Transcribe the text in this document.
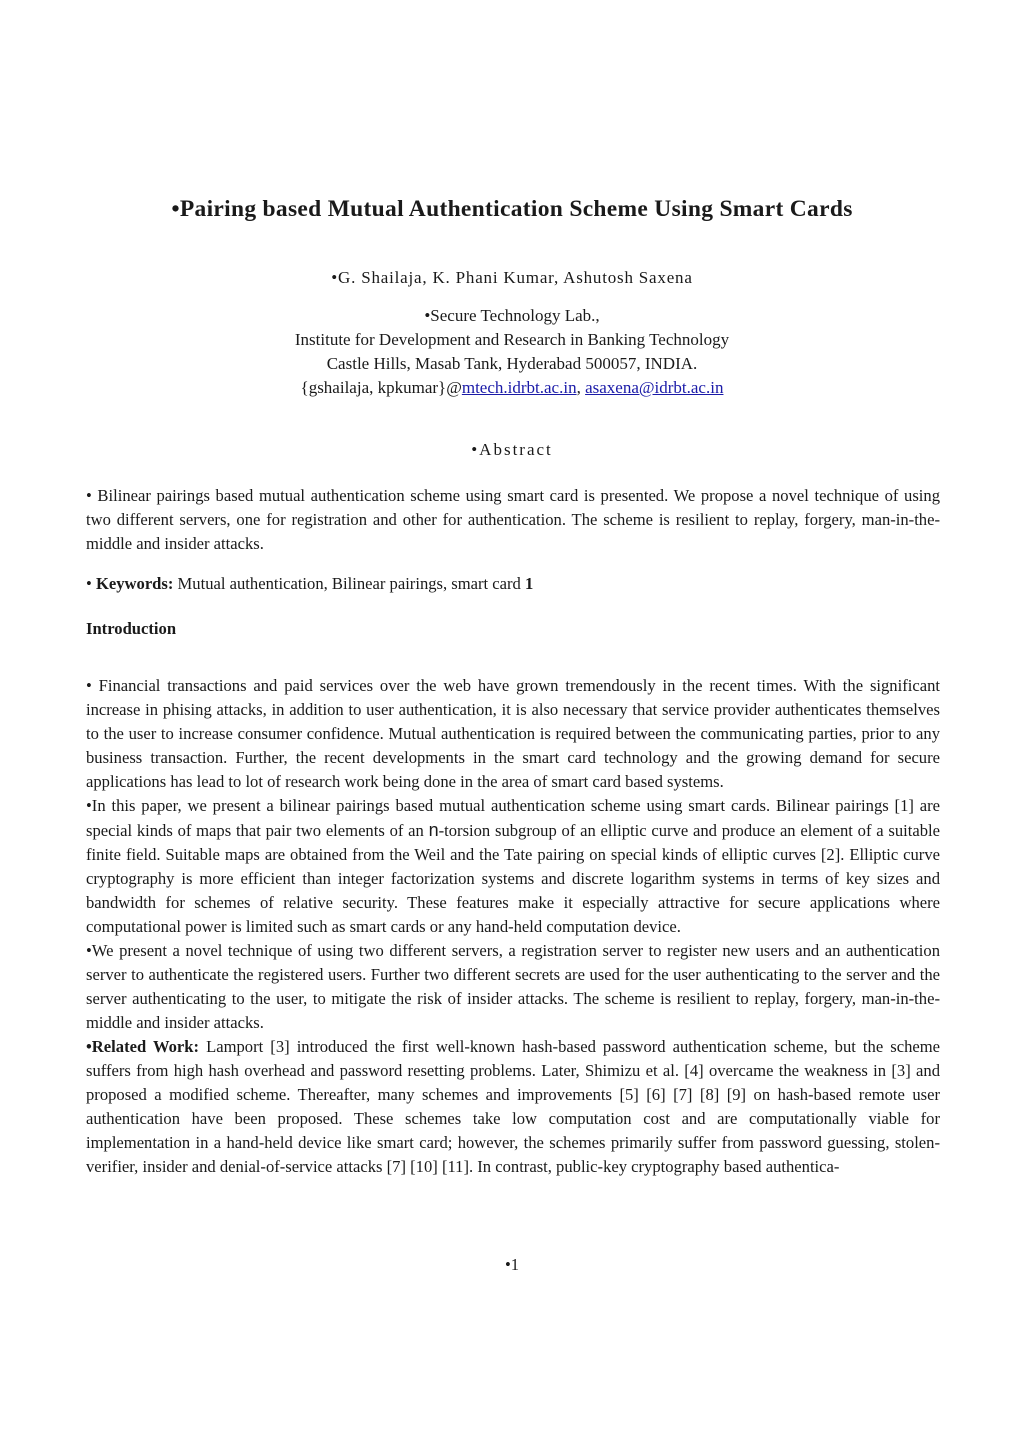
•Pairing based Mutual Authentication Scheme Using Smart Cards
•G. Shailaja, K. Phani Kumar, Ashutosh Saxena
•Secure Technology Lab.,
Institute for Development and Research in Banking Technology
Castle Hills, Masab Tank, Hyderabad 500057, INDIA.
{gshailaja, kpkumar}@mtech.idrbt.ac.in, asaxena@idrbt.ac.in
•Abstract

• Bilinear pairings based mutual authentication scheme using smart card is presented. We propose a novel technique of using two different servers, one for registration and other for authentication. The scheme is resilient to replay, forgery, man-in-the-middle and insider attacks.

• Keywords: Mutual authentication, Bilinear pairings, smart card 1

Introduction

• Financial transactions and paid services over the web have grown tremendously in the recent times. With the significant increase in phising attacks, in addition to user authentication, it is also necessary that service provider authenticates themselves to the user to increase consumer confidence. Mutual authentication is required between the communicating parties, prior to any business transaction. Further, the recent developments in the smart card technology and the growing demand for secure applications has lead to lot of research work being done in the area of smart card based systems.

•In this paper, we present a bilinear pairings based mutual authentication scheme using smart cards. Bilinear pairings [1] are special kinds of maps that pair two elements of an n-torsion subgroup of an elliptic curve and produce an element of a suitable finite field. Suitable maps are obtained from the Weil and the Tate pairing on special kinds of elliptic curves [2]. Elliptic curve cryptography is more efficient than integer factorization systems and discrete logarithm systems in terms of key sizes and bandwidth for schemes of relative security. These features make it especially attractive for secure applications where computational power is limited such as smart cards or any hand-held computation device.

•We present a novel technique of using two different servers, a registration server to register new users and an authentication server to authenticate the registered users. Further two different secrets are used for the user authenticating to the server and the server authenticating to the user, to mitigate the risk of insider attacks. The scheme is resilient to replay, forgery, man-in-the-middle and insider attacks.

•Related Work: Lamport [3] introduced the first well-known hash-based password authentication scheme, but the scheme suffers from high hash overhead and password resetting problems. Later, Shimizu et al. [4] overcame the weakness in [3] and proposed a modified scheme. Thereafter, many schemes and improvements [5] [6] [7] [8] [9] on hash-based remote user authentication have been proposed. These schemes take low computation cost and are computationally viable for implementation in a hand-held device like smart card; however, the schemes primarily suffer from password guessing, stolen-verifier, insider and denial-of-service attacks [7] [10] [11]. In contrast, public-key cryptography based authentica-

•1
